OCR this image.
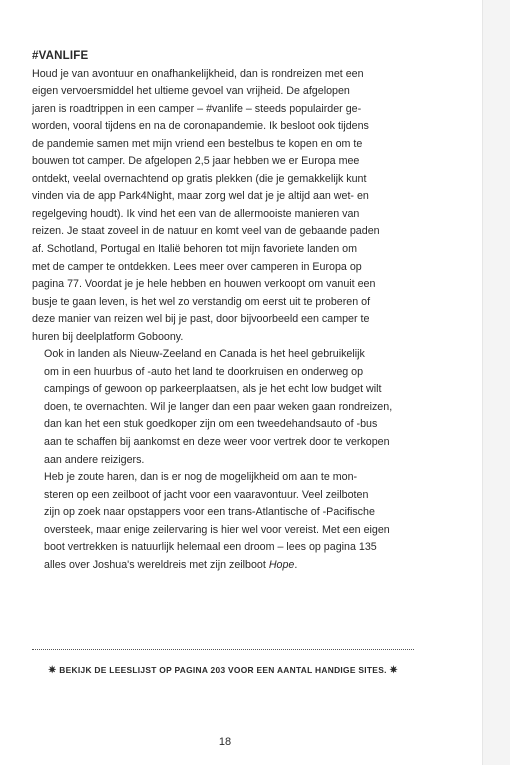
#VANLIFE

Houd je van avontuur en onafhankelijkheid, dan is rondreizen met een
eigen vervoersmiddel het ultieme gevoel van vrijheid. De afgelopen
jaren is roadtrippen in een camper – #vanlife – steeds populairder ge-
worden, vooral tijdens en na de coronapandemie. Ik besloot ook tijdens
de pandemie samen met mijn vriend een bestelbus te kopen en om te
bouwen tot camper. De afgelopen 2,5 jaar hebben we er Europa mee
ontdekt, veelal overnachtend op gratis plekken (die je gemakkelijk kunt
vinden via de app Park4Night, maar zorg wel dat je je altijd aan wet- en
regelgeving houdt). Ik vind het een van de allermooiste manieren van
reizen. Je staat zoveel in de natuur en komt veel van de gebaande paden
af. Schotland, Portugal en Italië behoren tot mijn favoriete landen om
met de camper te ontdekken. Lees meer over camperen in Europa op
pagina 77. Voordat je je hele hebben en houwen verkoopt om vanuit een
busje te gaan leven, is het wel zo verstandig om eerst uit te proberen of
deze manier van reizen wel bij je past, door bijvoorbeeld een camper te
huren bij deelplatform Goboony.

Ook in landen als Nieuw-Zeeland en Canada is het heel gebruikelijk
om in een huurbus of -auto het land te doorkruisen en onderweg op
campings of gewoon op parkeerplaatsen, als je het echt low budget wilt
doen, te overnachten. Wil je langer dan een paar weken gaan rondreizen,
dan kan het een stuk goedkoper zijn om een tweedehandsauto of -bus
aan te schaffen bij aankomst en deze weer voor vertrek door te verkopen
aan andere reizigers.

Heb je zoute haren, dan is er nog de mogelijkheid om aan te mon-
steren op een zeilboot of jacht voor een vaaravontuur. Veel zeilboten
zijn op zoek naar opstappers voor een trans-Atlantische of -Pacifische
oversteek, maar enige zeilervaring is hier wel voor vereist. Met een eigen
boot vertrekken is natuurlijk helemaal een droom – lees op pagina 135
alles over Joshua's wereldreis met zijn zeilboot Hope.

✷ BEKIJK DE LEESLIJST OP PAGINA 203 VOOR EEN AANTAL HANDIGE SITES. ✷
18
